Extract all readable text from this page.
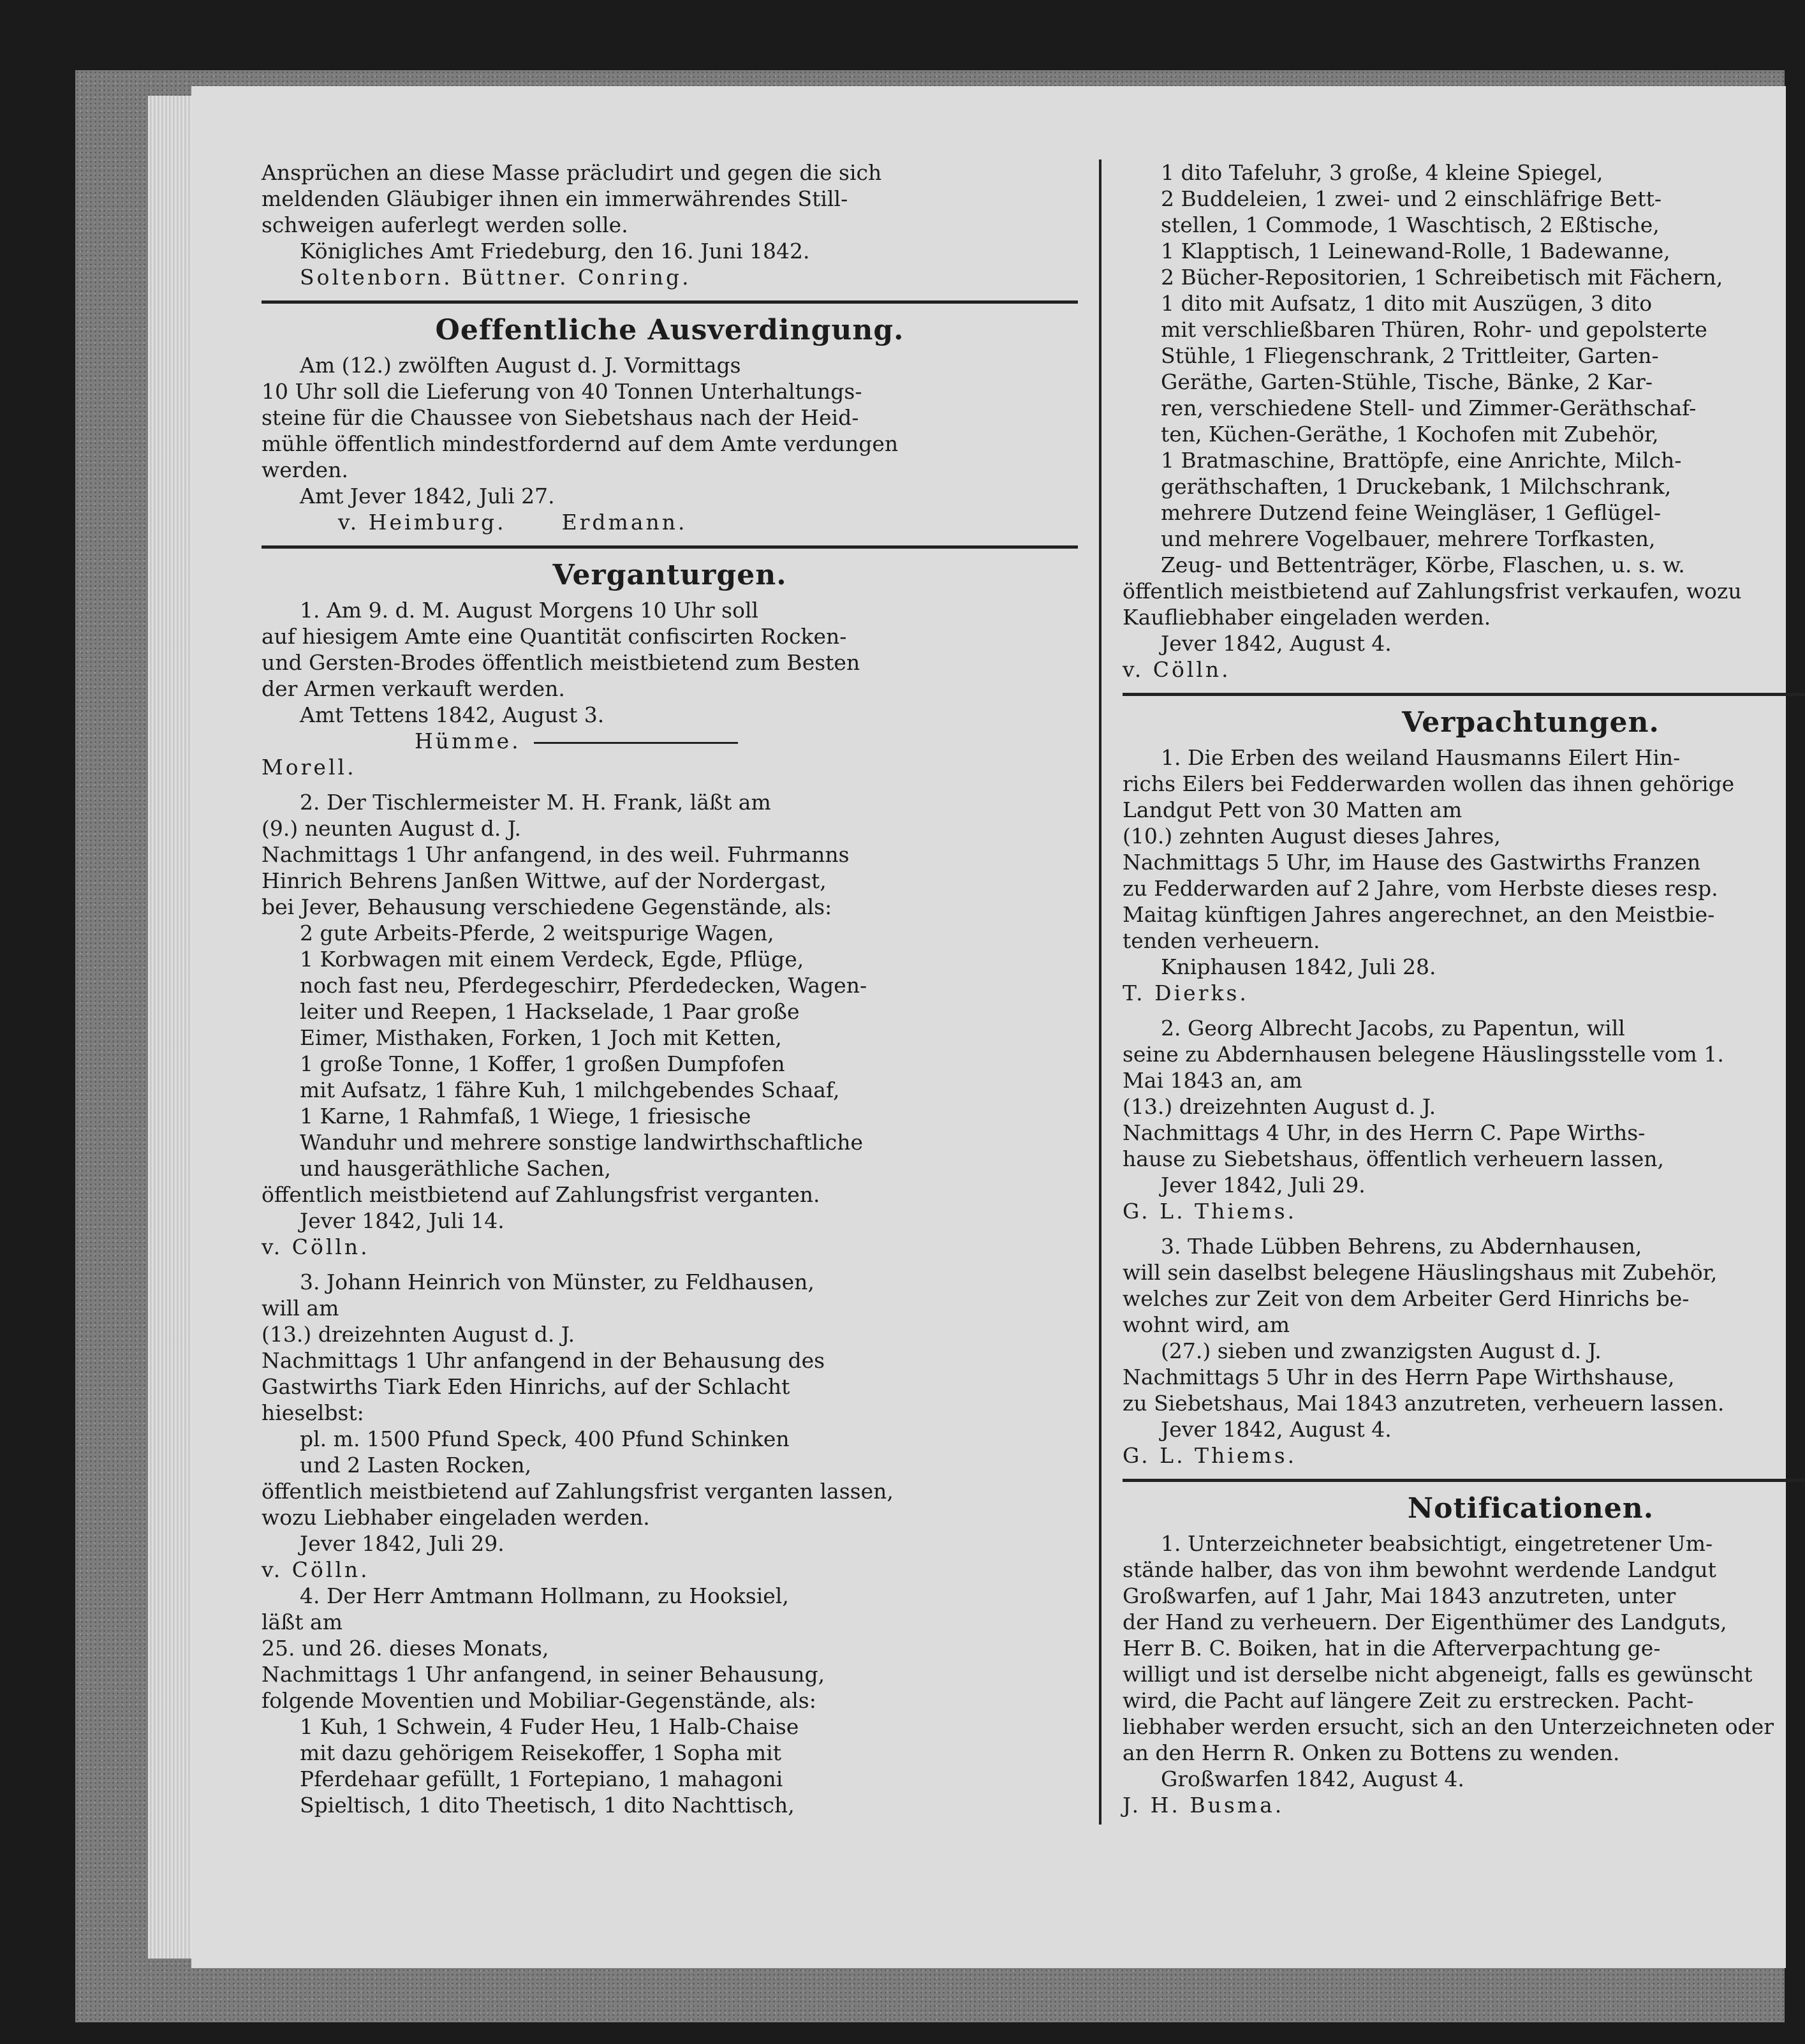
Ansprüchen an diese Masse präcludirt und gegen die sich

meldenden Gläubiger ihnen ein immerwährendes Still-

schweigen auferlegt werden solle.

Königliches Amt Friedeburg, den 16. Juni 1842.

Soltenborn. Büttner. Conring.

Oeffentliche Ausverdingung.

Am (12.) zwölften August d. J. Vormittags

10 Uhr soll die Lieferung von 40 Tonnen Unterhaltungs-

steine für die Chaussee von Siebetshaus nach der Heid-

mühle öffentlich mindestfordernd auf dem Amte verdungen

werden.

Amt Jever 1842, Juli 27.

v. Heimburg.      Erdmann.

Verganturgen.

1. Am 9. d. M. August Morgens 10 Uhr soll

auf hiesigem Amte eine Quantität confiscirten Rocken-

und Gersten-Brodes öffentlich meistbietend zum Besten

der Armen verkauft werden.

Amt Tettens 1842, August 3.

Hümme.

Morell.

2. Der Tischlermeister M. H. Frank, läßt am

(9.) neunten August d. J.

Nachmittags 1 Uhr anfangend, in des weil. Fuhrmanns

Hinrich Behrens Janßen Wittwe, auf der Nordergast,

bei Jever, Behausung verschiedene Gegenstände, als:

2 gute Arbeits-Pferde, 2 weitspurige Wagen,

1 Korbwagen mit einem Verdeck, Egde, Pflüge,

noch fast neu, Pferdegeschirr, Pferdedecken, Wagen-

leiter und Reepen, 1 Hackselade, 1 Paar große

Eimer, Misthaken, Forken, 1 Joch mit Ketten,

1 große Tonne, 1 Koffer, 1 großen Dumpfofen

mit Aufsatz, 1 fähre Kuh, 1 milchgebendes Schaaf,

1 Karne, 1 Rahmfaß, 1 Wiege, 1 friesische

Wanduhr und mehrere sonstige landwirthschaftliche

und hausgeräthliche Sachen,

öffentlich meistbietend auf Zahlungsfrist verganten.

Jever 1842, Juli 14.

v. Cölln.

3. Johann Heinrich von Münster, zu Feldhausen,

will am

(13.) dreizehnten August d. J.

Nachmittags 1 Uhr anfangend in der Behausung des

Gastwirths Tiark Eden Hinrichs, auf der Schlacht

hieselbst:

pl. m. 1500 Pfund Speck, 400 Pfund Schinken

und 2 Lasten Rocken,

öffentlich meistbietend auf Zahlungsfrist verganten lassen,

wozu Liebhaber eingeladen werden.

Jever 1842, Juli 29.

v. Cölln.

4. Der Herr Amtmann Hollmann, zu Hooksiel,

läßt am

25. und 26. dieses Monats,

Nachmittags 1 Uhr anfangend, in seiner Behausung,

folgende Moventien und Mobiliar-Gegenstände, als:

1 Kuh, 1 Schwein, 4 Fuder Heu, 1 Halb-Chaise

mit dazu gehörigem Reisekoffer, 1 Sopha mit

Pferdehaar gefüllt, 1 Fortepiano, 1 mahagoni

Spieltisch, 1 dito Theetisch, 1 dito Nachttisch,

1 dito Tafeluhr, 3 große, 4 kleine Spiegel,

2 Buddeleien, 1 zwei- und 2 einschläfrige Bett-

stellen, 1 Commode, 1 Waschtisch, 2 Eßtische,

1 Klapptisch, 1 Leinewand-Rolle, 1 Badewanne,

2 Bücher-Repositorien, 1 Schreibetisch mit Fächern,

1 dito mit Aufsatz, 1 dito mit Auszügen, 3 dito

mit verschließbaren Thüren, Rohr- und gepolsterte

Stühle, 1 Fliegenschrank, 2 Trittleiter, Garten-

Geräthe, Garten-Stühle, Tische, Bänke, 2 Kar-

ren, verschiedene Stell- und Zimmer-Geräthschaf-

ten, Küchen-Geräthe, 1 Kochofen mit Zubehör,

1 Bratmaschine, Brattöpfe, eine Anrichte, Milch-

geräthschaften, 1 Druckebank, 1 Milchschrank,

mehrere Dutzend feine Weingläser, 1 Geflügel-

und mehrere Vogelbauer, mehrere Torfkasten,

Zeug- und Bettenträger, Körbe, Flaschen, u. s. w.

öffentlich meistbietend auf Zahlungsfrist verkaufen, wozu

Kaufliebhaber eingeladen werden.

Jever 1842, August 4.

v. Cölln.

Verpachtungen.

1. Die Erben des weiland Hausmanns Eilert Hin-

richs Eilers bei Fedderwarden wollen das ihnen gehörige

Landgut Pett von 30 Matten am

(10.) zehnten August dieses Jahres,

Nachmittags 5 Uhr, im Hause des Gastwirths Franzen

zu Fedderwarden auf 2 Jahre, vom Herbste dieses resp.

Maitag künftigen Jahres angerechnet, an den Meistbie-

tenden verheuern.

Kniphausen 1842, Juli 28.

T. Dierks.

2. Georg Albrecht Jacobs, zu Papentun, will

seine zu Abdernhausen belegene Häuslingsstelle vom 1.

Mai 1843 an, am

(13.) dreizehnten August d. J.

Nachmittags 4 Uhr, in des Herrn C. Pape Wirths-

hause zu Siebetshaus, öffentlich verheuern lassen,

Jever 1842, Juli 29.

G. L. Thiems.

3. Thade Lübben Behrens, zu Abdernhausen,

will sein daselbst belegene Häuslingshaus mit Zubehör,

welches zur Zeit von dem Arbeiter Gerd Hinrichs be-

wohnt wird, am

(27.) sieben und zwanzigsten August d. J.

Nachmittags 5 Uhr in des Herrn Pape Wirthshause,

zu Siebetshaus, Mai 1843 anzutreten, verheuern lassen.

Jever 1842, August 4.

G. L. Thiems.

Notificationen.

1. Unterzeichneter beabsichtigt, eingetretener Um-

stände halber, das von ihm bewohnt werdende Landgut

Großwarfen, auf 1 Jahr, Mai 1843 anzutreten, unter

der Hand zu verheuern. Der Eigenthümer des Landguts,

Herr B. C. Boiken, hat in die Afterverpachtung ge-

willigt und ist derselbe nicht abgeneigt, falls es gewünscht

wird, die Pacht auf längere Zeit zu erstrecken. Pacht-

liebhaber werden ersucht, sich an den Unterzeichneten oder

an den Herrn R. Onken zu Bottens zu wenden.

Großwarfen 1842, August 4.

J. H. Busma.
